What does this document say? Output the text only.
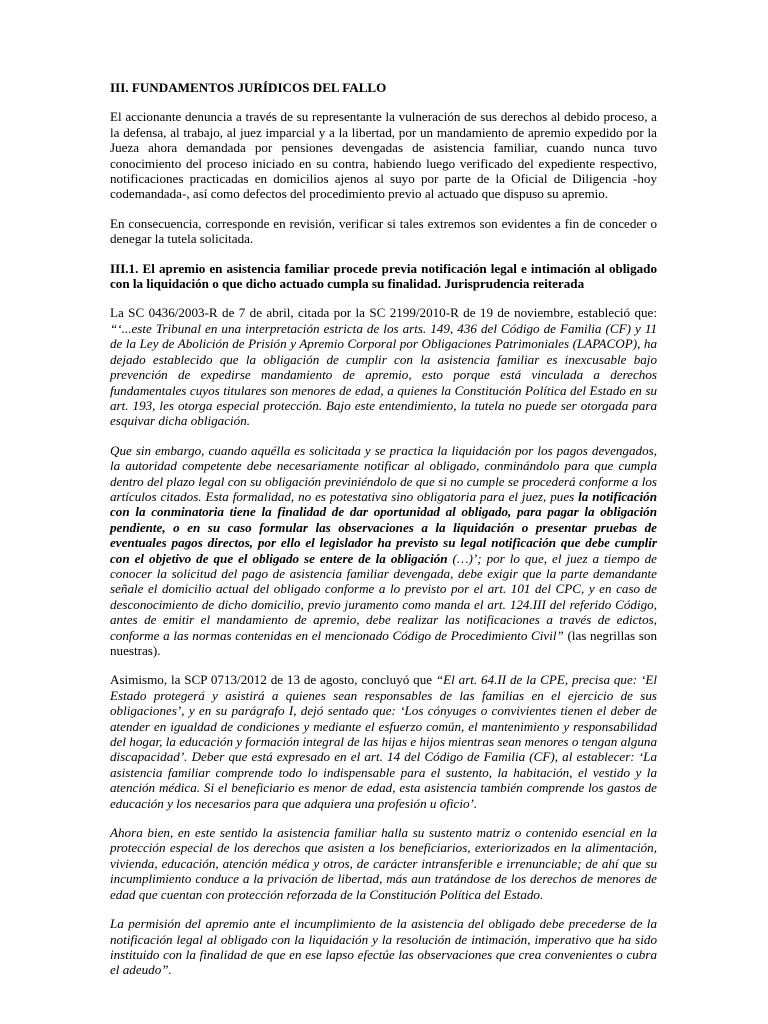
III. FUNDAMENTOS JURÍDICOS DEL FALLO

El accionante denuncia a través de su representante la vulneración de sus derechos al debido proceso, a la defensa, al trabajo, al juez imparcial y a la libertad, por un mandamiento de apremio expedido por la Jueza ahora demandada por pensiones devengadas de asistencia familiar, cuando nunca tuvo conocimiento del proceso iniciado en su contra, habiendo luego verificado del expediente respectivo, notificaciones practicadas en domicilios ajenos al suyo por parte de la Oficial de Diligencia -hoy codemandada-, así como defectos del procedimiento previo al actuado que dispuso su apremio.

En consecuencia, corresponde en revisión, verificar si tales extremos son evidentes a fin de conceder o denegar la tutela solicitada.

III.1. El apremio en asistencia familiar procede previa notificación legal e intimación al obligado con la liquidación o que dicho actuado cumpla su finalidad. Jurisprudencia reiterada

La SC 0436/2003-R de 7 de abril, citada por la SC 2199/2010-R de 19 de noviembre, estableció que: “‘...este Tribunal en una interpretación estricta de los arts. 149, 436 del Código de Familia (CF) y 11 de la Ley de Abolición de Prisión y Apremio Corporal por Obligaciones Patrimoniales (LAPACOP), ha dejado establecido que la obligación de cumplir con la asistencia familiar es inexcusable bajo prevención de expedirse mandamiento de apremio, esto porque está vinculada a derechos fundamentales cuyos titulares son menores de edad, a quienes la Constitución Política del Estado en su art. 193, les otorga especial protección. Bajo este entendimiento, la tutela no puede ser otorgada para esquivar dicha obligación.

Que sin embargo, cuando aquélla es solicitada y se practica la liquidación por los pagos devengados, la autoridad competente debe necesariamente notificar al obligado, conminándolo para que cumpla dentro del plazo legal con su obligación previniéndolo de que si no cumple se procederá conforme a los artículos citados. Esta formalidad, no es potestativa sino obligatoria para el juez, pues la notificación con la conminatoria tiene la finalidad de dar oportunidad al obligado, para pagar la obligación pendiente, o en su caso formular las observaciones a la liquidación o presentar pruebas de eventuales pagos directos, por ello el legislador ha previsto su legal notificación que debe cumplir con el objetivo de que el obligado se entere de la obligación (…)’; por lo que, el juez a tiempo de conocer la solicitud del pago de asistencia familiar devengada, debe exigir que la parte demandante señale el domicilio actual del obligado conforme a lo previsto por el art. 101 del CPC, y en caso de desconocimiento de dicho domicilio, previo juramento como manda el art. 124.III del referido Código, antes de emitir el mandamiento de apremio, debe realizar las notificaciones a través de edictos, conforme a las normas contenidas en el mencionado Código de Procedimiento Civil” (las negrillas son nuestras).

Asimismo, la SCP 0713/2012 de 13 de agosto, concluyó que “El art. 64.II de la CPE, precisa que: ‘El Estado protegerá y asistirá a quienes sean responsables de las familias en el ejercicio de sus obligaciones’, y en su parágrafo I, dejó sentado que: ‘Los cónyuges o convivientes tienen el deber de atender en igualdad de condiciones y mediante el esfuerzo común, el mantenimiento y responsabilidad del hogar, la educación y formación integral de las hijas e hijos mientras sean menores o tengan alguna discapacidad’. Deber que está expresado en el art. 14 del Código de Familia (CF), al establecer: ‘La asistencia familiar comprende todo lo indispensable para el sustento, la habitación, el vestido y la atención médica. Si el beneficiario es menor de edad, esta asistencia también comprende los gastos de educación y los necesarios para que adquiera una profesión u oficio’.

Ahora bien, en este sentido la asistencia familiar halla su sustento matriz o contenido esencial en la protección especial de los derechos que asisten a los beneficiarios, exteriorizados en la alimentación, vivienda, educación, atención médica y otros, de carácter intransferible e irrenunciable; de ahí que su incumplimiento conduce a la privación de libertad, más aun tratándose de los derechos de menores de edad que cuentan con protección reforzada de la Constitución Política del Estado.

La permisión del apremio ante el incumplimiento de la asistencia del obligado debe precederse de la notificación legal al obligado con la liquidación y la resolución de intimación, imperativo que ha sido instituido con la finalidad de que en ese lapso efectúe las observaciones que crea convenientes o cubra el adeudo”.
